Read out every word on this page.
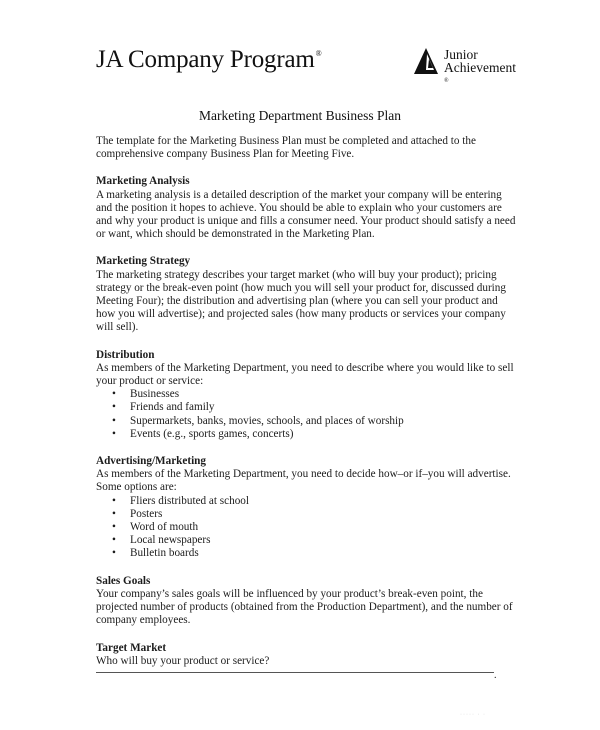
JA Company Program®	Junior
Achievement
®
Marketing Department Business Plan

The template for the Marketing Business Plan must be completed and attached to the comprehensive company Business Plan for Meeting Five.

Marketing Analysis

A marketing analysis is a detailed description of the market your company will be entering and the position it hopes to achieve. You should be able to explain who your customers are and why your product is unique and fills a consumer need. Your product should satisfy a need or want, which should be demonstrated in the Marketing Plan.

Marketing Strategy

The marketing strategy describes your target market (who will buy your product); pricing strategy or the break-even point (how much you will sell your product for, discussed during Meeting Four); the distribution and advertising plan (where you can sell your product and how you will advertise); and projected sales (how many products or services your company will sell).

Distribution

As members of the Marketing Department, you need to describe where you would like to sell your product or service:

• Businesses
• Friends and family
• Supermarkets, banks, movies, schools, and places of worship
• Events (e.g., sports games, concerts)

Advertising/Marketing

As members of the Marketing Department, you need to decide how–or if–you will advertise. Some options are:

• Fliers distributed at school
• Posters
• Word of mouth
• Local newspapers
• Bulletin boards

Sales Goals

Your company’s sales goals will be influenced by your product’s break-even point, the projected number of products (obtained from the Production Department), and the number of company employees.

Target Market

Who will buy your product or service?

.
····· · ·
